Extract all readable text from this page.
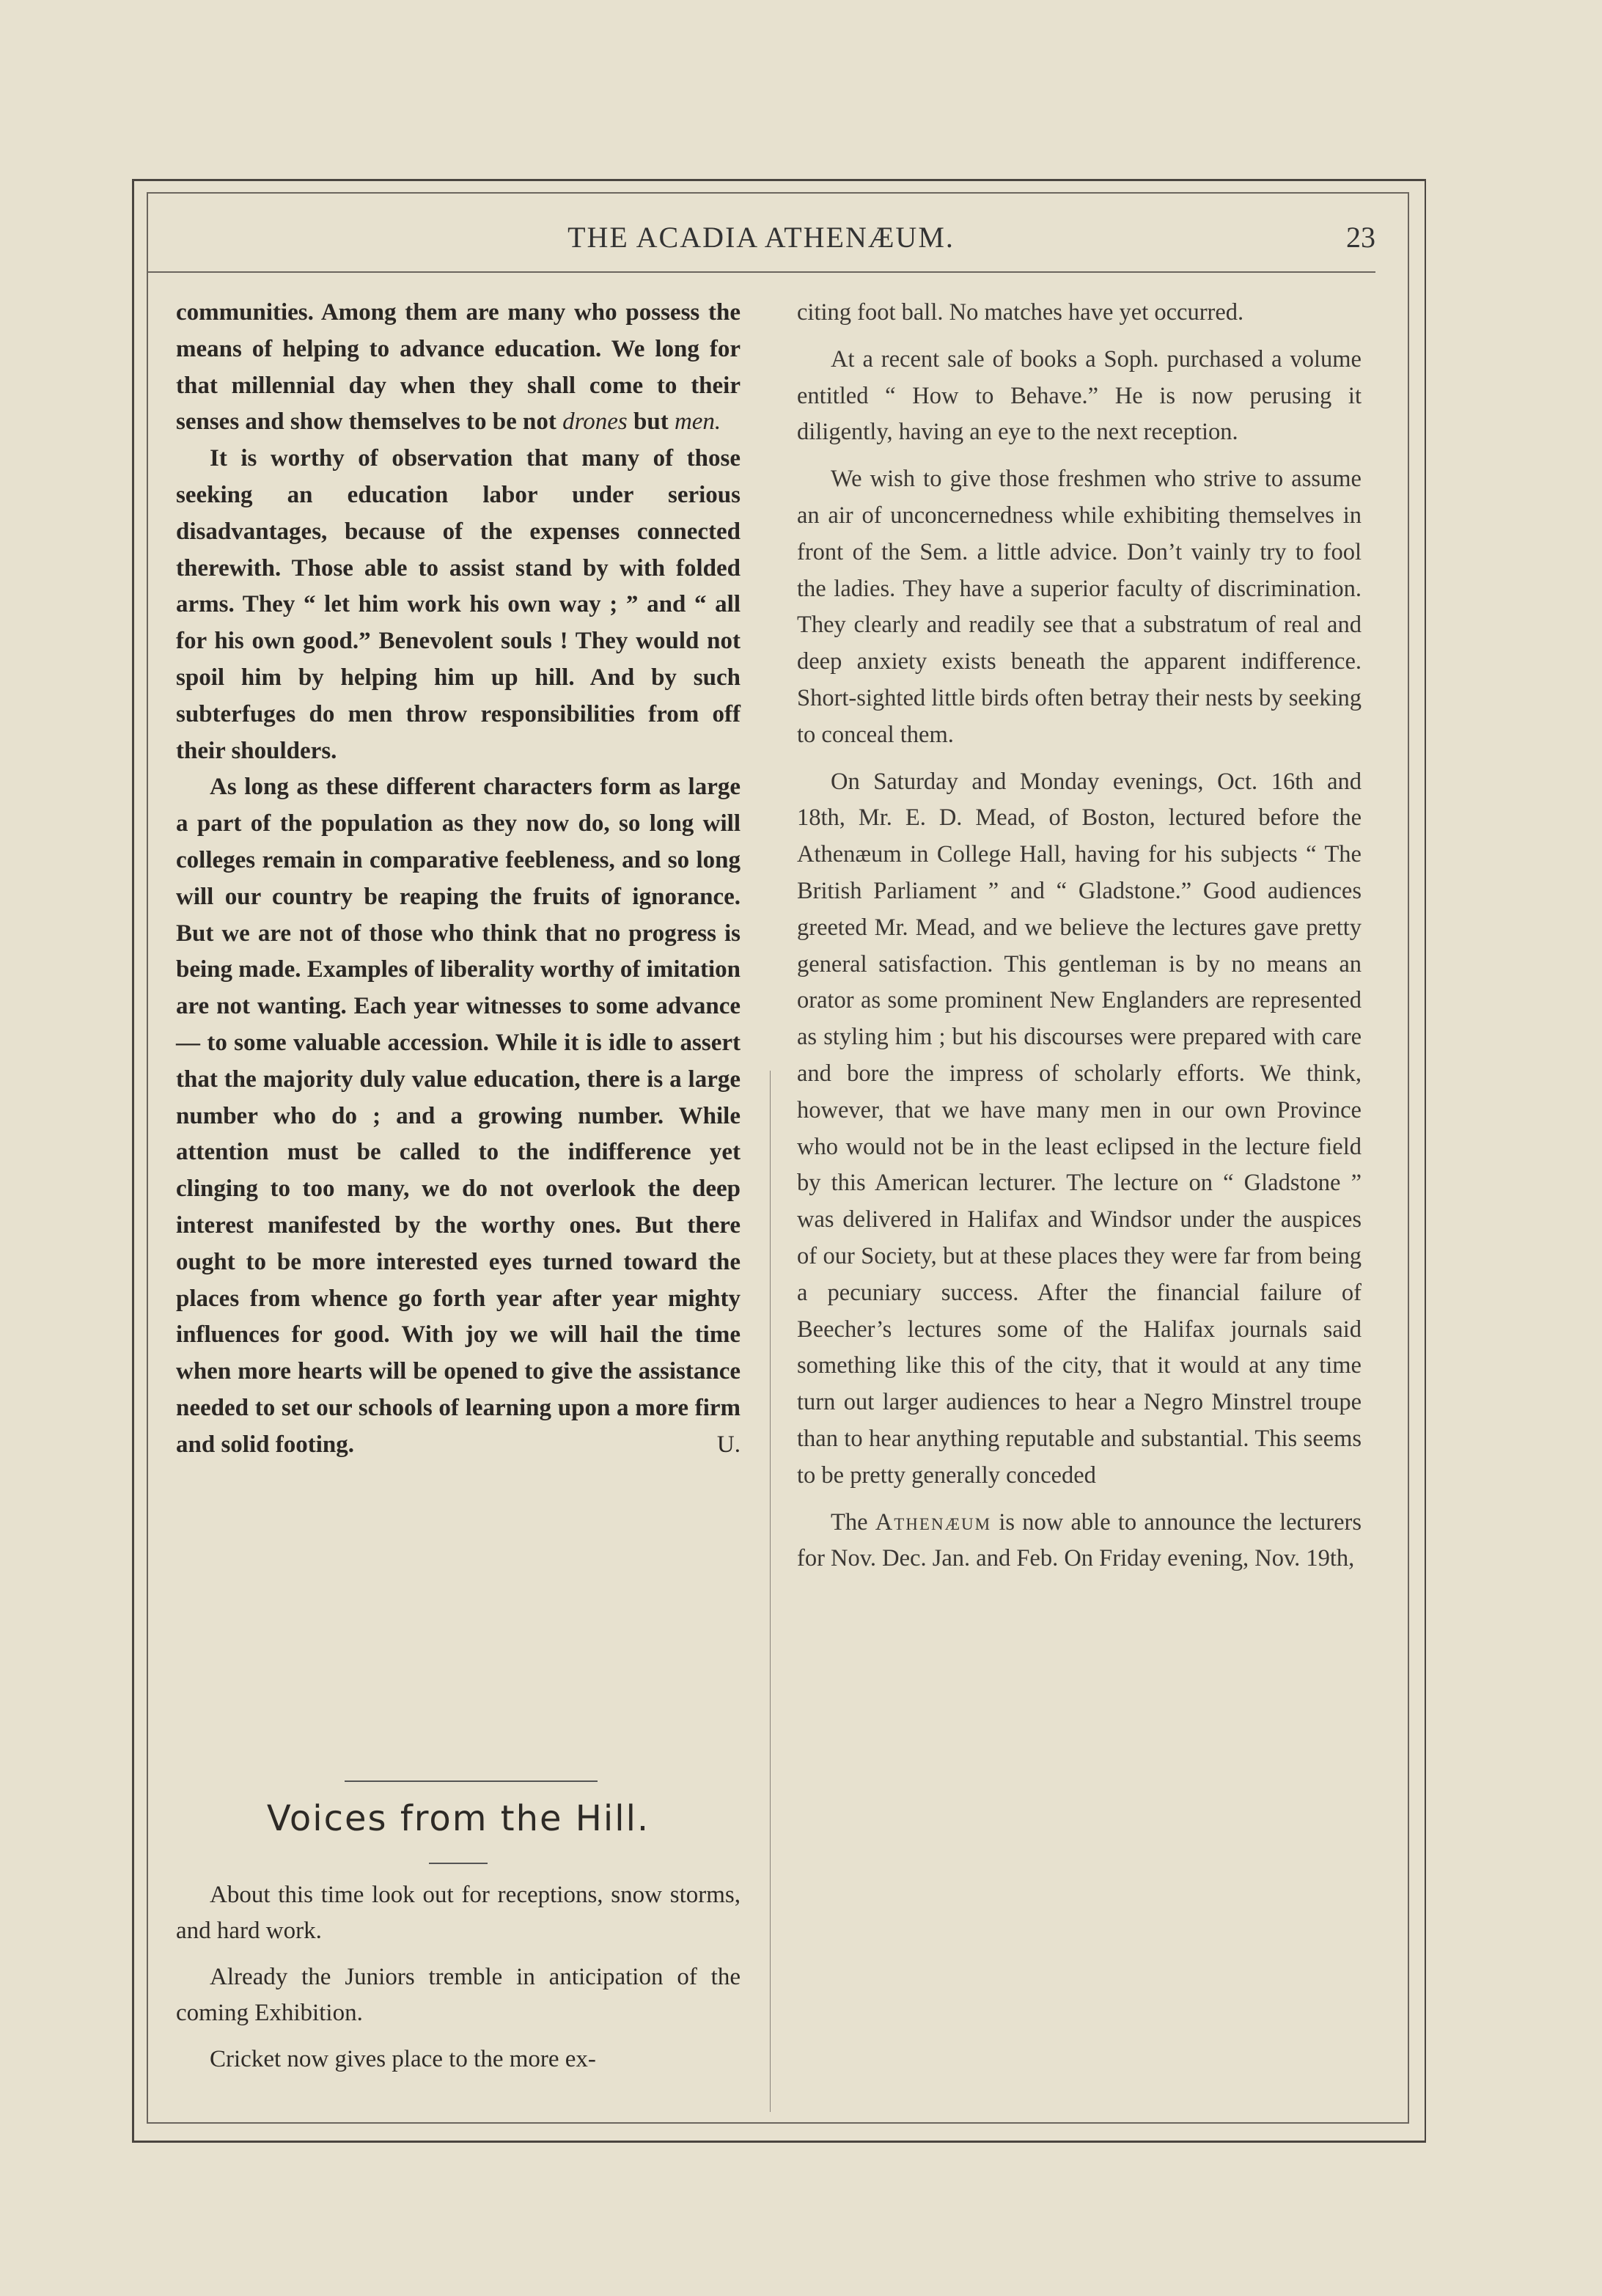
THE ACADIA ATHENÆUM.	23

communities. Among them are many who possess the means of helping to advance education. We long for that millennial day when they shall come to their senses and show themselves to be not drones but men.

It is worthy of observation that many of those seeking an education labor under serious disadvantages, because of the expenses connected therewith. Those able to assist stand by with folded arms. They “ let him work his own way ; ” and “ all for his own good.” Benevolent souls ! They would not spoil him by helping him up hill. And by such subterfuges do men throw responsibilities from off their shoulders.

As long as these different characters form as large a part of the population as they now do, so long will colleges remain in comparative feebleness, and so long will our country be reaping the fruits of ignorance. But we are not of those who think that no progress is being made. Examples of liberality worthy of imitation are not wanting. Each year witnesses to some advance — to some valuable accession. While it is idle to assert that the majority duly value education, there is a large number who do ; and a growing number. While attention must be called to the indifference yet clinging to too many, we do not overlook the deep interest manifested by the worthy ones. But there ought to be more interested eyes turned toward the places from whence go forth year after year mighty influences for good. With joy we will hail the time when more hearts will be opened to give the assistance needed to set our schools of learning upon a more firm and solid footing.	U.

Voices from the Hill.

About this time look out for receptions, snow storms, and hard work.

Already the Juniors tremble in anticipation of the coming Exhibition.

Cricket now gives place to the more ex-

citing foot ball. No matches have yet occurred.

At a recent sale of books a Soph. purchased a volume entitled “ How to Behave.” He is now perusing it diligently, having an eye to the next reception.

We wish to give those freshmen who strive to assume an air of unconcernedness while exhibiting themselves in front of the Sem. a little advice. Don’t vainly try to fool the ladies. They have a superior faculty of discrimination. They clearly and readily see that a substratum of real and deep anxiety exists beneath the apparent indifference. Short-sighted little birds often betray their nests by seeking to conceal them.

On Saturday and Monday evenings, Oct. 16th and 18th, Mr. E. D. Mead, of Boston, lectured before the Athenæum in College Hall, having for his subjects “ The British Parliament ” and “ Gladstone.” Good audiences greeted Mr. Mead, and we believe the lectures gave pretty general satisfaction. This gentleman is by no means an orator as some prominent New Englanders are represented as styling him ; but his discourses were prepared with care and bore the impress of scholarly efforts. We think, however, that we have many men in our own Province who would not be in the least eclipsed in the lecture field by this American lecturer. The lecture on “ Gladstone ” was delivered in Halifax and Windsor under the auspices of our Society, but at these places they were far from being a pecuniary success. After the financial failure of Beecher’s lectures some of the Halifax journals said something like this of the city, that it would at any time turn out larger audiences to hear a Negro Minstrel troupe than to hear anything reputable and substantial. This seems to be pretty generally conceded

The Athenæum is now able to announce the lecturers for Nov. Dec. Jan. and Feb. On Friday evening, Nov. 19th,
